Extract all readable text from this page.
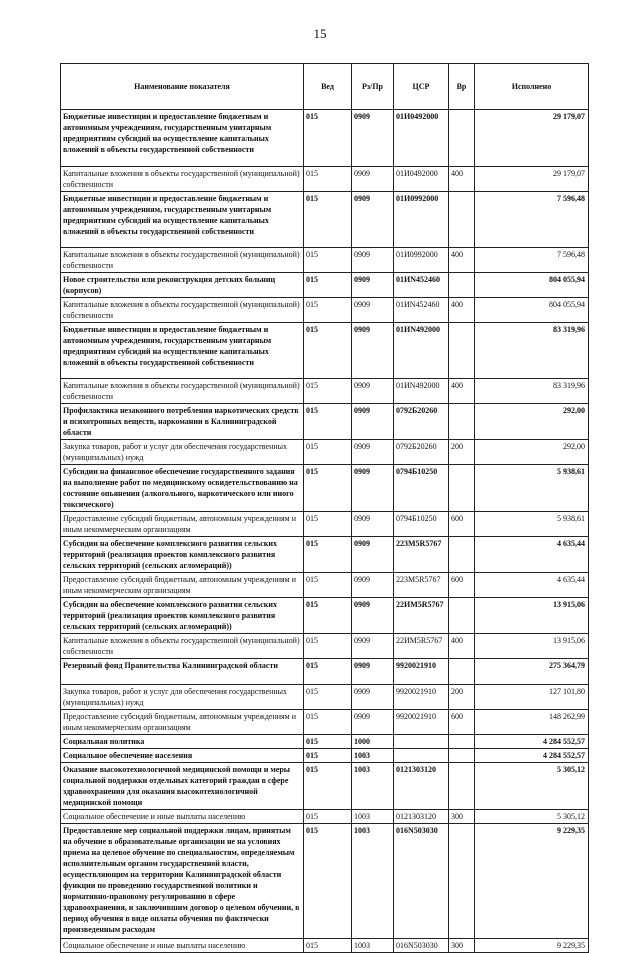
15
Наименование показателя	Вед	Рз/Пр	ЦСР	Вр	Исполнено
Бюджетные инвестиции и предоставление бюджетным и автономным учреждениям, государственным унитарным предприятиям субсидий на осуществление капитальных вложений в объекты государственной собственности	015	0909	01И0492000		29 179,07
Капитальные вложения в объекты государственной (муниципальной) собственности	015	0909	01И0492000	400	29 179,07
Бюджетные инвестиции и предоставление бюджетным и автономным учреждениям, государственным унитарным предприятиям субсидий на осуществление капитальных вложений в объекты государственной собственности	015	0909	01И0992000		7 596,48
Капитальные вложения в объекты государственной (муниципальной) собственности	015	0909	01И0992000	400	7 596,48
Новое строительство или реконструкция детских больниц (корпусов)	015	0909	01ИN452460		804 055,94
Капитальные вложения в объекты государственной (муниципальной) собственности	015	0909	01ИN452460	400	804 055,94
Бюджетные инвестиции и предоставление бюджетным и автономным учреждениям, государственным унитарным предприятиям субсидий на осуществление капитальных вложений в объекты государственной собственности	015	0909	01ИN492000		83 319,96
Капитальные вложения в объекты государственной (муниципальной) собственности	015	0909	01ИN492000	400	83 319,96
Профилактика незаконного потребления наркотических средств и психотропных веществ, наркомании в Калининградской области	015	0909	0792Б20260		292,00
Закупка товаров, работ и услуг для обеспечения государственных (муниципальных) нужд	015	0909	0792Б20260	200	292,00
Субсидии на финансовое обеспечение государственного задания на выполнение работ по медицинскому освидетельствованию на состояние опьянения (алкогольного, наркотического или иного токсического)	015	0909	0794Б10250		5 938,61
Предоставление субсидий бюджетным, автономным учреждениям и иным некоммерческим организациям	015	0909	0794Б10250	600	5 938,61
Субсидии на обеспечение комплексного развития сельских территорий (реализация проектов комплексного развития сельских территорий (сельских агломераций))	015	0909	223M5R5767		4 635,44
Предоставление субсидий бюджетным, автономным учреждениям и иным некоммерческим организациям	015	0909	223M5R5767	600	4 635,44
Субсидии на обеспечение комплексного развития сельских территорий (реализация проектов комплексного развития сельских территорий (сельских агломераций))	015	0909	22ИМ5R5767		13 915,06
Капитальные вложения в объекты государственной (муниципальной) собственности	015	0909	22ИМ5R5767	400	13 915,06
Резервный фонд Правительства Калининградской области	015	0909	9920021910		275 364,79
Закупка товаров, работ и услуг для обеспечения государственных (муниципальных) нужд	015	0909	9920021910	200	127 101,80
Предоставление субсидий бюджетным, автономным учреждениям и иным некоммерческим организациям	015	0909	9920021910	600	148 262,99
Социальная политика	015	1000			4 284 552,57
Социальное обеспечение населения	015	1003			4 284 552,57
Оказание высокотехнологичной медицинской помощи и меры социальной поддержки отдельных категорий граждан в сфере здравоохранения для оказания высокотехнологичной медицинской помощи	015	1003	0121303120		5 305,12
Социальное обеспечение и иные выплаты населению	015	1003	0121303120	300	5 305,12
Предоставление мер социальной поддержки лицам, принятым на обучение в образовательные организации не на условиях приема на целевое обучение по специальностям, определяемым исполнительным органом государственной власти, осуществляющим на территории Калининградской области функции по проведению государственной политики и нормативно-правовому регулированию в сфере здравоохранения, и заключившим договор о целевом обучении, в период обучения в виде оплаты обучения по фактически произведенным расходам	015	1003	016N503030		9 229,35
Социальное обеспечение и иные выплаты населению	015	1003	016N503030	300	9 229,35
